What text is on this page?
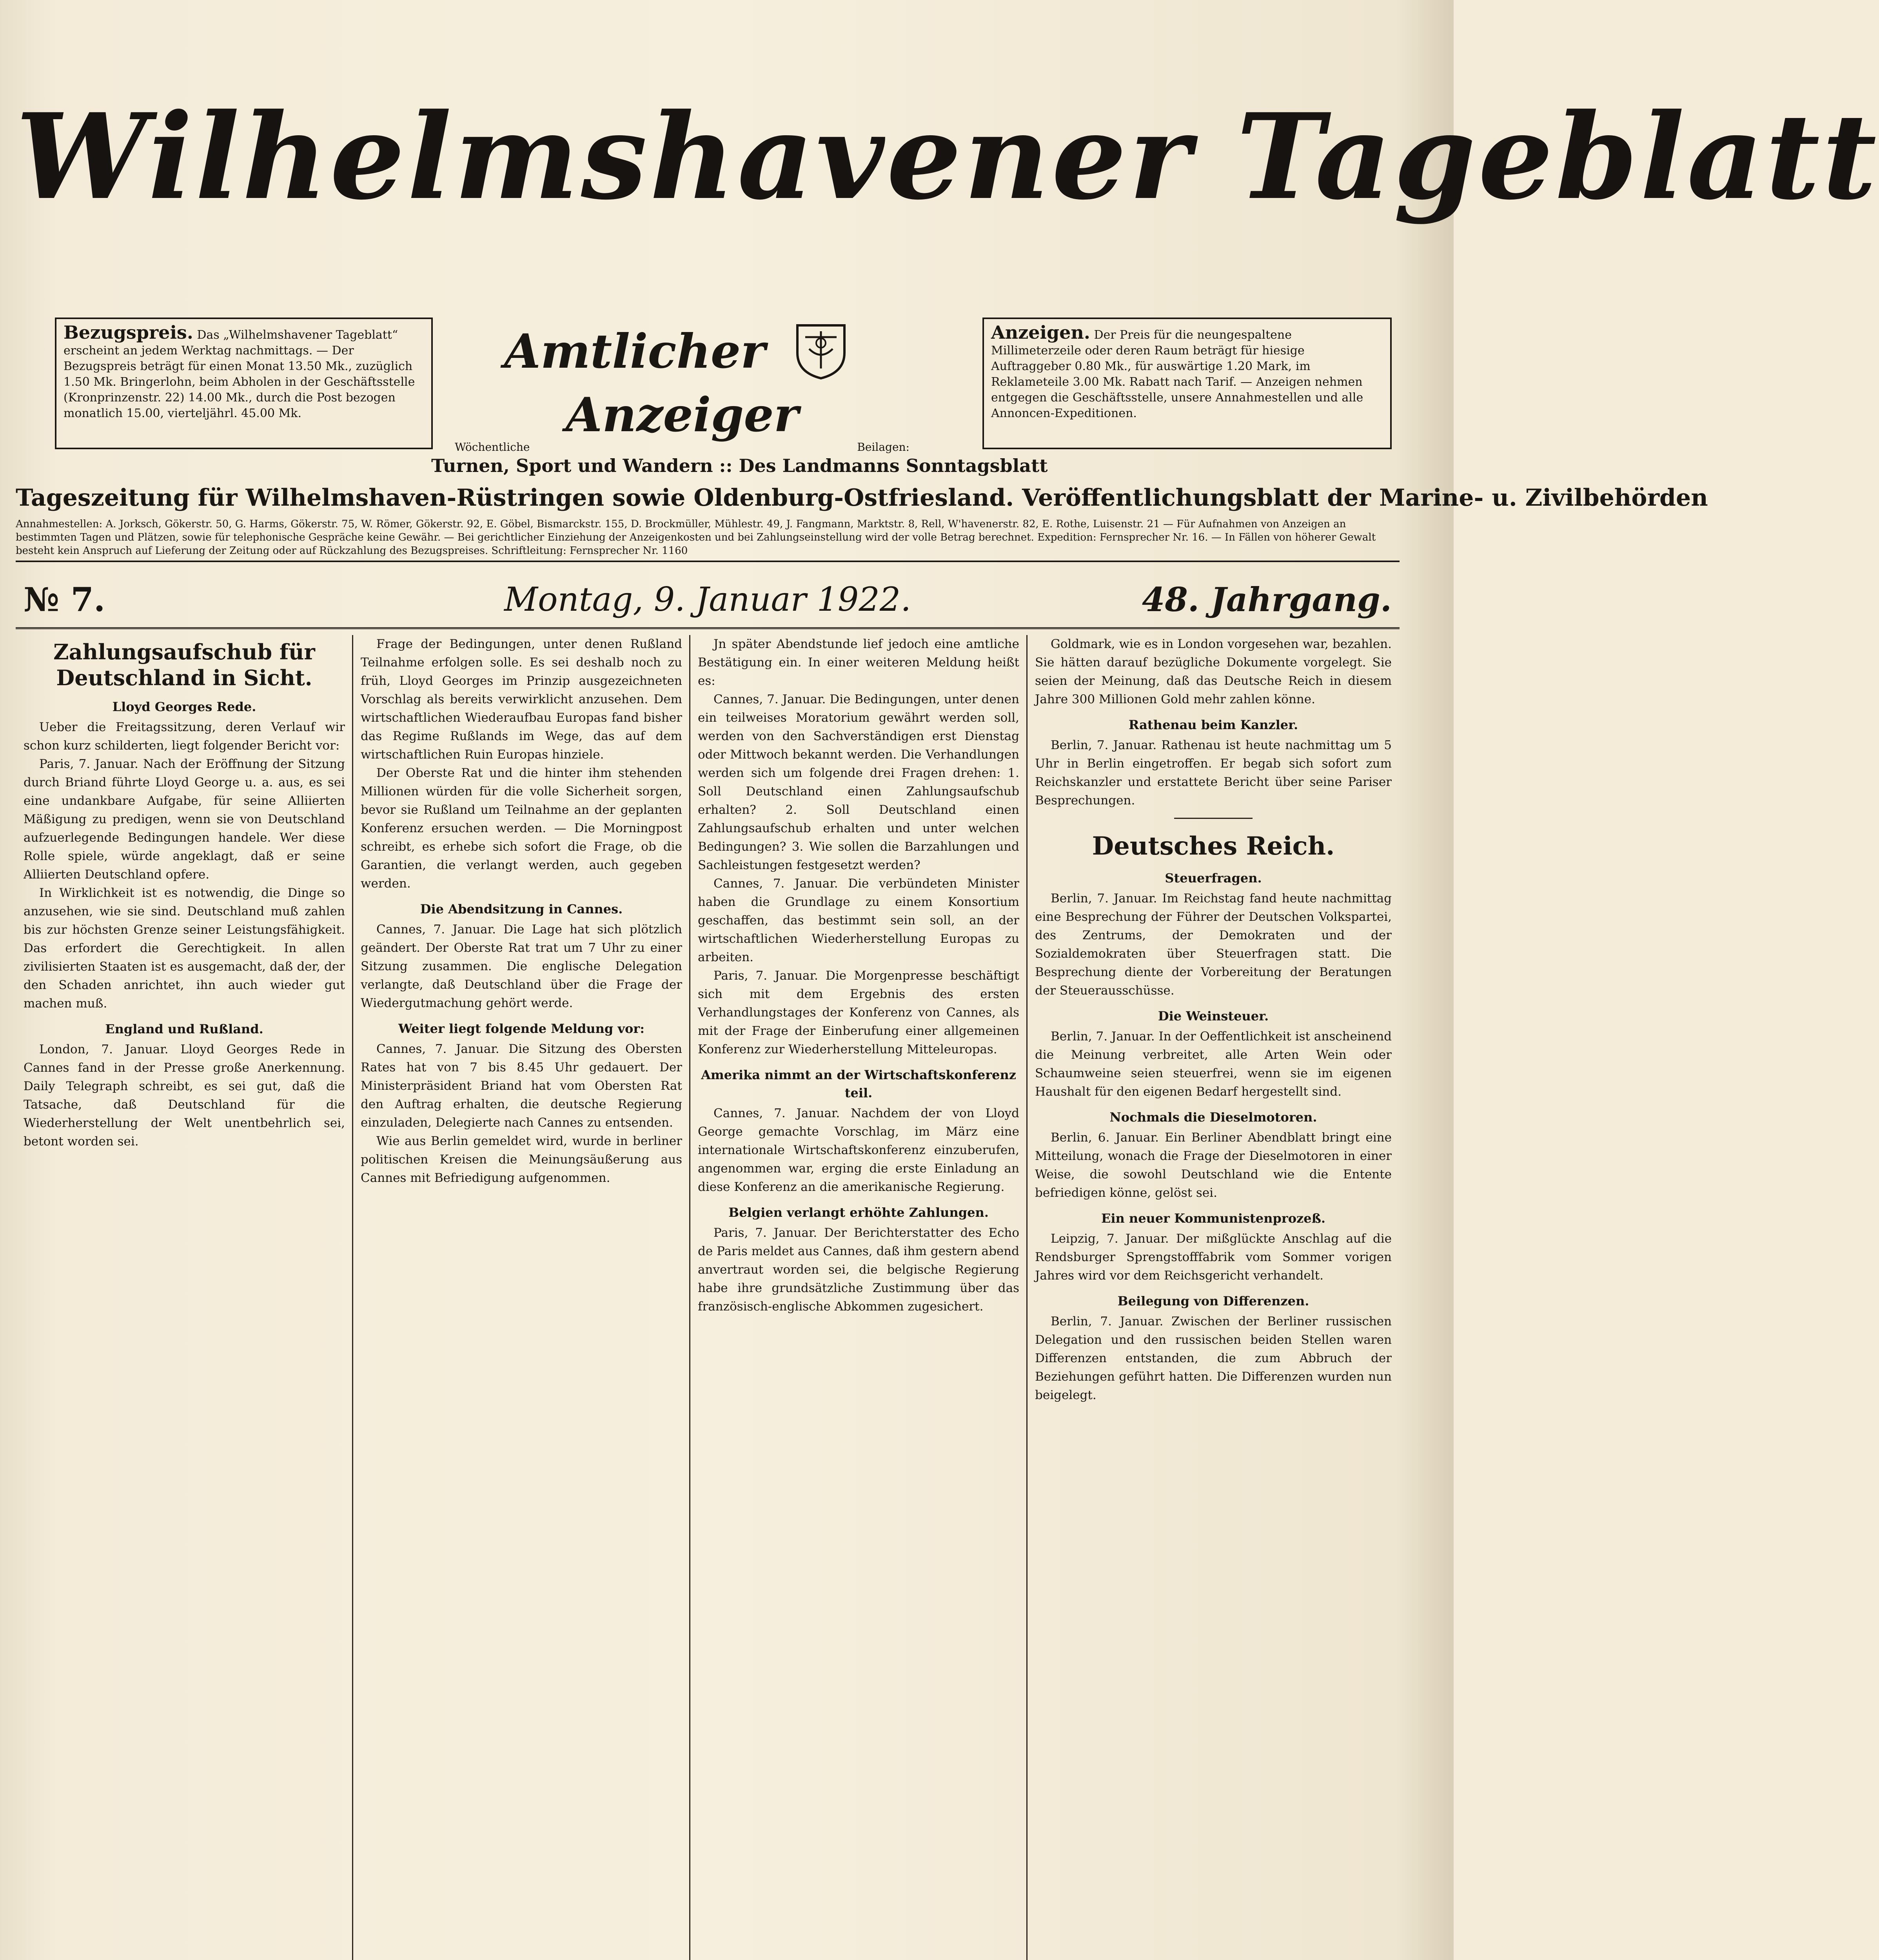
Wilhelmshavener Tageblatt
Bezugspreis. Das „Wilhelmshavener Tageblatt“ erscheint an jedem Werktag nachmittags. — Der Bezugspreis beträgt für einen Monat 13.50 Mk., zuzüglich 1.50 Mk. Bringerlohn, beim Abholen in der Geschäftsstelle (Kronprinzenstr. 22) 14.00 Mk., durch die Post bezogen monatlich 15.00, vierteljährl. 45.00 Mk.
Amtlicher  Anzeiger
Wöchentliche	Beilagen:
Turnen, Sport und Wandern :: Des Landmanns Sonntagsblatt
Anzeigen. Der Preis für die neungespaltene Millimeterzeile oder deren Raum beträgt für hiesige Auftraggeber 0.80 Mk., für auswärtige 1.20 Mark, im Reklameteile 3.00 Mk. Rabatt nach Tarif. — Anzeigen nehmen entgegen die Geschäftsstelle, unsere Annahmestellen und alle Annoncen-Expeditionen.
Tageszeitung für Wilhelmshaven-Rüstringen sowie Oldenburg-Ostfriesland. Veröffentlichungsblatt der Marine- u. Zivilbehörden
Annahmestellen: A. Jorksch, Gökerstr. 50, G. Harms, Gökerstr. 75, W. Römer, Gökerstr. 92, E. Göbel, Bismarckstr. 155, D. Brockmüller, Mühlestr. 49, J. Fangmann, Marktstr. 8, Rell, W'havenerstr. 82, E. Rothe, Luisenstr. 21 — Für Aufnahmen von Anzeigen an bestimmten Tagen und Plätzen, sowie für telephonische Gespräche keine Gewähr. — Bei gerichtlicher Einziehung der Anzeigenkosten und bei Zahlungseinstellung wird der volle Betrag berechnet. Expedition: Fernsprecher Nr. 16. — In Fällen von höherer Gewalt besteht kein Anspruch auf Lieferung der Zeitung oder auf Rückzahlung des Bezugspreises. Schriftleitung: Fernsprecher Nr. 1160
№ 7.	Montag, 9. Januar 1922.	48. Jahrgang.
Zahlungsaufschub für Deutschland in Sicht.
Lloyd Georges Rede.

Ueber die Freitagssitzung, deren Verlauf wir schon kurz schilderten, liegt folgender Bericht vor:

Paris, 7. Januar. Nach der Eröffnung der Sitzung durch Briand führte Lloyd George u. a. aus, es sei eine undankbare Aufgabe, für seine Alliierten Mäßigung zu predigen, wenn sie von Deutschland aufzuerlegende Bedingungen handele. Wer diese Rolle spiele, würde angeklagt, daß er seine Alliierten Deutschland opfere.

In Wirklichkeit ist es notwendig, die Dinge so anzusehen, wie sie sind. Deutschland muß zahlen bis zur höchsten Grenze seiner Leistungsfähigkeit. Das erfordert die Gerechtigkeit. In allen zivilisierten Staaten ist es ausgemacht, daß der, der den Schaden anrichtet, ihn auch wieder gut machen muß.

England und Rußland.

London, 7. Januar. Lloyd Georges Rede in Cannes fand in der Presse große Anerkennung. Daily Telegraph schreibt, es sei gut, daß die Tatsache, daß Deutschland für die Wiederherstellung der Welt unentbehrlich sei, betont worden sei.

Frage der Bedingungen, unter denen Rußland Teilnahme erfolgen solle. Es sei deshalb noch zu früh, Lloyd Georges im Prinzip ausgezeichneten Vorschlag als bereits verwirklicht anzusehen. Dem wirtschaftlichen Wiederaufbau Europas fand bisher das Regime Rußlands im Wege, das auf dem wirtschaftlichen Ruin Europas hinziele.

Der Oberste Rat und die hinter ihm stehenden Millionen würden für die volle Sicherheit sorgen, bevor sie Rußland um Teilnahme an der geplanten Konferenz ersuchen werden. — Die Morningpost schreibt, es erhebe sich sofort die Frage, ob die Garantien, die verlangt werden, auch gegeben werden.

Die Abendsitzung in Cannes.

Cannes, 7. Januar. Die Lage hat sich plötzlich geändert. Der Oberste Rat trat um 7 Uhr zu einer Sitzung zusammen. Die englische Delegation verlangte, daß Deutschland über die Frage der Wiedergutmachung gehört werde.

Weiter liegt folgende Meldung vor:

Cannes, 7. Januar. Die Sitzung des Obersten Rates hat von 7 bis 8.45 Uhr gedauert. Der Ministerpräsident Briand hat vom Obersten Rat den Auftrag erhalten, die deutsche Regierung einzuladen, Delegierte nach Cannes zu entsenden.

Wie aus Berlin gemeldet wird, wurde in berliner politischen Kreisen die Meinungsäußerung aus Cannes mit Befriedigung aufgenommen.

Jn später Abendstunde lief jedoch eine amtliche Bestätigung ein. In einer weiteren Meldung heißt es:

Cannes, 7. Januar. Die Bedingungen, unter denen ein teilweises Moratorium gewährt werden soll, werden von den Sachverständigen erst Dienstag oder Mittwoch bekannt werden. Die Verhandlungen werden sich um folgende drei Fragen drehen: 1. Soll Deutschland einen Zahlungsaufschub erhalten? 2. Soll Deutschland einen Zahlungsaufschub erhalten und unter welchen Bedingungen? 3. Wie sollen die Barzahlungen und Sachleistungen festgesetzt werden?

Cannes, 7. Januar. Die verbündeten Minister haben die Grundlage zu einem Konsortium geschaffen, das bestimmt sein soll, an der wirtschaftlichen Wiederherstellung Europas zu arbeiten.

Paris, 7. Januar. Die Morgenpresse beschäftigt sich mit dem Ergebnis des ersten Verhandlungstages der Konferenz von Cannes, als mit der Frage der Einberufung einer allgemeinen Konferenz zur Wiederherstellung Mitteleuropas.

Amerika nimmt an der Wirtschaftskonferenz teil.

Cannes, 7. Januar. Nachdem der von Lloyd George gemachte Vorschlag, im März eine internationale Wirtschaftskonferenz einzuberufen, angenommen war, erging die erste Einladung an diese Konferenz an die amerikanische Regierung.

Belgien verlangt erhöhte Zahlungen.

Paris, 7. Januar. Der Berichterstatter des Echo de Paris meldet aus Cannes, daß ihm gestern abend anvertraut worden sei, die belgische Regierung habe ihre grundsätzliche Zustimmung über das französisch-englische Abkommen zugesichert.

Goldmark, wie es in London vorgesehen war, bezahlen. Sie hätten darauf bezügliche Dokumente vorgelegt. Sie seien der Meinung, daß das Deutsche Reich in diesem Jahre 300 Millionen Gold mehr zahlen könne.

Rathenau beim Kanzler.

Berlin, 7. Januar. Rathenau ist heute nachmittag um 5 Uhr in Berlin eingetroffen. Er begab sich sofort zum Reichskanzler und erstattete Bericht über seine Pariser Besprechungen.

Deutsches Reich.
Steuerfragen.

Berlin, 7. Januar. Im Reichstag fand heute nachmittag eine Besprechung der Führer der Deutschen Volkspartei, des Zentrums, der Demokraten und der Sozialdemokraten über Steuerfragen statt. Die Besprechung diente der Vorbereitung der Beratungen der Steuerausschüsse.

Die Weinsteuer.

Berlin, 7. Januar. In der Oeffentlichkeit ist anscheinend die Meinung verbreitet, alle Arten Wein oder Schaumweine seien steuerfrei, wenn sie im eigenen Haushalt für den eigenen Bedarf hergestellt sind.

Nochmals die Dieselmotoren.

Berlin, 6. Januar. Ein Berliner Abendblatt bringt eine Mitteilung, wonach die Frage der Dieselmotoren in einer Weise, die sowohl Deutschland wie die Entente befriedigen könne, gelöst sei.

Ein neuer Kommunistenprozeß.

Leipzig, 7. Januar. Der mißglückte Anschlag auf die Rendsburger Sprengstofffabrik vom Sommer vorigen Jahres wird vor dem Reichsgericht verhandelt.

Beilegung von Differenzen.

Berlin, 7. Januar. Zwischen der Berliner russischen Delegation und den russischen beiden Stellen waren Differenzen entstanden, die zum Abbruch der Beziehungen geführt hatten. Die Differenzen wurden nun beigelegt.
